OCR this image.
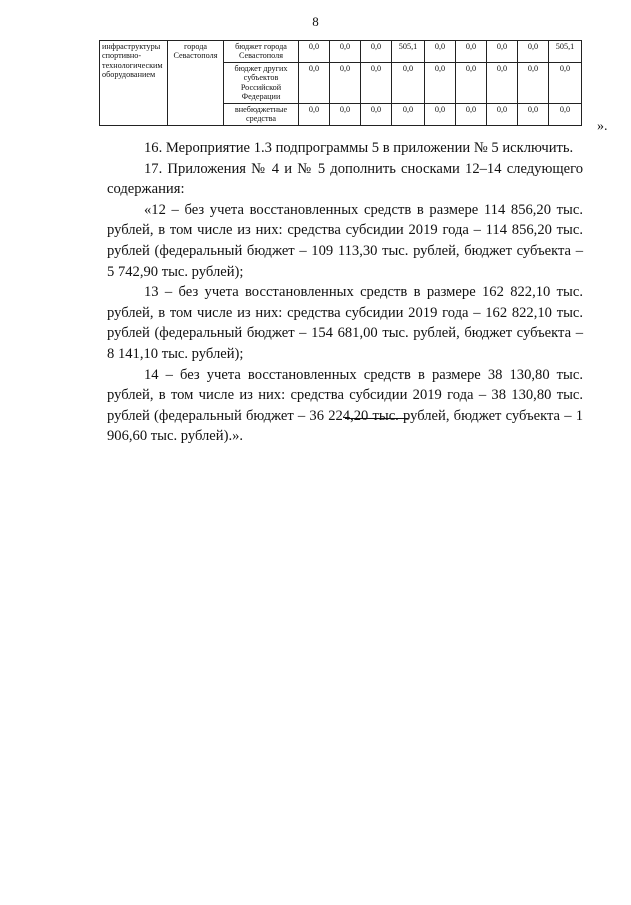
8
инфраструктуры спортивно-технологическим оборудованием	города Севастополя	бюджет города Севастополя	0,0	0,0	0,0	505,1	0,0	0,0	0,0	0,0	505,1
		бюджет других субъектов Российской Федерации	0,0	0,0	0,0	0,0	0,0	0,0	0,0	0,0	0,0
		внебюджетные средства	0,0	0,0	0,0	0,0	0,0	0,0	0,0	0,0	0,0
».

16. Мероприятие 1.3 подпрограммы 5 в приложении № 5 исключить.

17. Приложения № 4 и № 5 дополнить сносками 12–14 следующего содержания:

«12 – без учета восстановленных средств в размере 114 856,20 тыс. рублей, в том числе из них: средства субсидии 2019 года – 114 856,20 тыс. рублей (федеральный бюджет – 109 113,30 тыс. рублей, бюджет субъекта – 5 742,90 тыс. рублей);

13 – без учета восстановленных средств в размере 162 822,10 тыс. рублей, в том числе из них: средства субсидии 2019 года – 162 822,10 тыс. рублей (федеральный бюджет – 154 681,00 тыс. рублей, бюджет субъекта – 8 141,10 тыс. рублей);

14 – без учета восстановленных средств в размере 38 130,80 тыс. рублей, в том числе из них: средства субсидии 2019 года – 38 130,80 тыс. рублей (федеральный бюджет – 36 224,20 тыс. рублей, бюджет субъекта – 1 906,60 тыс. рублей).».
